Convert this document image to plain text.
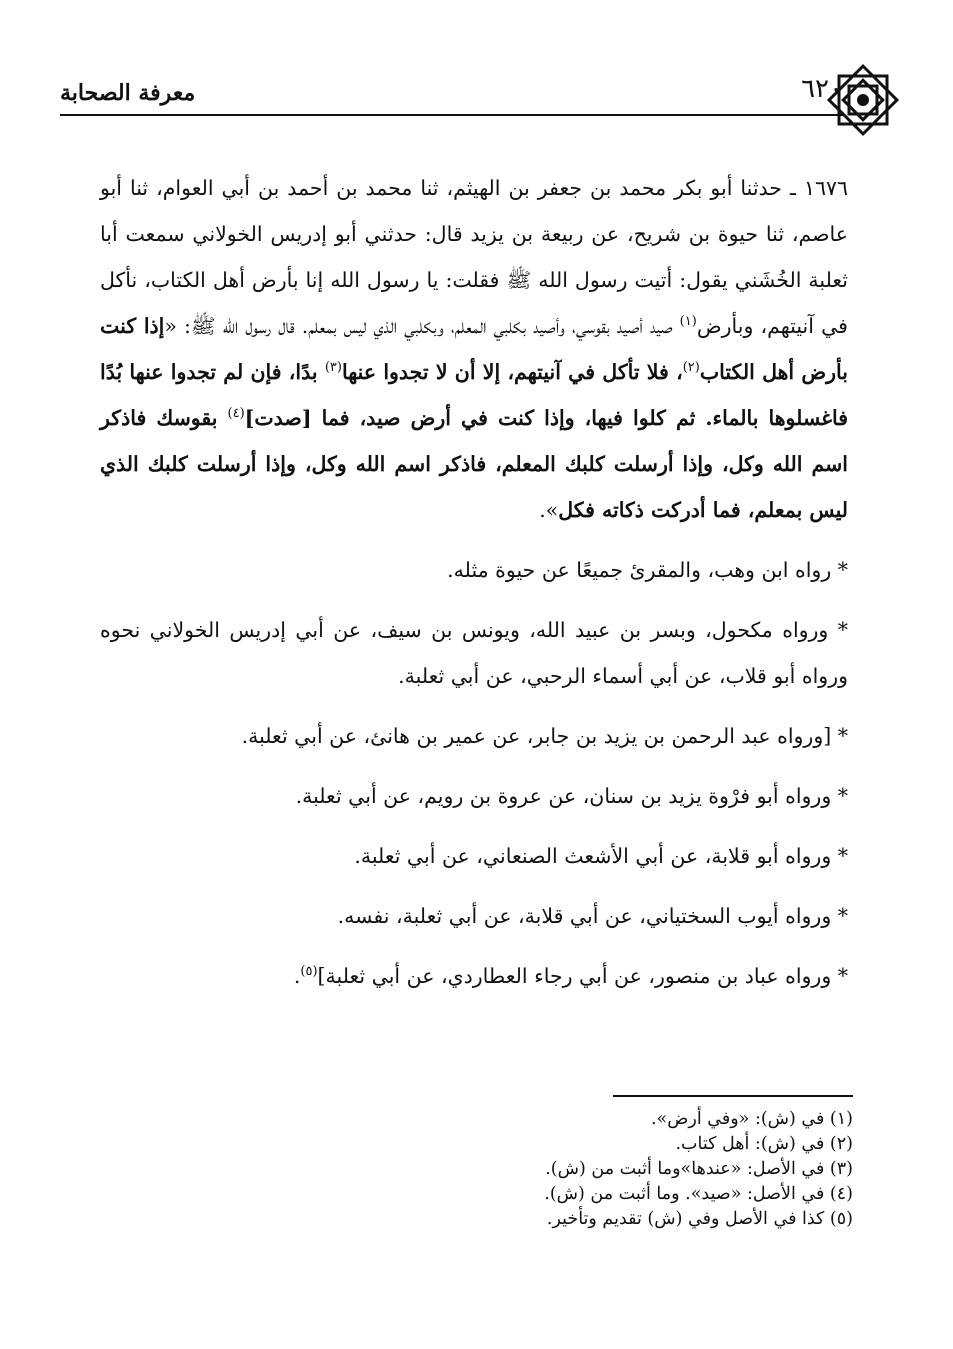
معرفة الصحابة	٦٢٠

١٦٧٦ ـ حدثنا أبو بكر محمد بن جعفر بن الهيثم، ثنا محمد بن أحمد بن أبي العوام، ثنا أبو عاصم، ثنا حيوة بن شريح، عن ربيعة بن يزيد قال: حدثني أبو إدريس الخولاني سمعت أبا ثعلبة الخُشَني يقول: أتيت رسول الله ﷺ فقلت: يا رسول الله إنا بأرض أهل الكتاب، نأكل في آنيتهم، وبأرض$^{(١)}$ صيد أصيد بقوسي، وأصيد بكلبي المعلم، وبكلبي الذي ليس بمعلم. قال رسول الله ﷺ: «إذا كنت بأرض أهل الكتاب$^{(٢)}$، فلا تأكل في آنيتهم، إلا أن لا تجدوا عنها$^{(٣)}$ بدًا، فإن لم تجدوا عنها بُدًا فاغسلوها بالماء. ثم كلوا فيها، وإذا كنت في أرض صيد، فما [صدت]$^{(٤)}$ بقوسك فاذكر اسم الله وكل، وإذا أرسلت كلبك المعلم، فاذكر اسم الله وكل، وإذا أرسلت كلبك الذي ليس بمعلم، فما أدركت ذكاته فكل».

* رواه ابن وهب، والمقرئ جميعًا عن حيوة مثله.

* ورواه مكحول، وبسر بن عبيد الله، ويونس بن سيف، عن أبي إدريس الخولاني نحوه ورواه أبو قلاب، عن أبي أسماء الرحبي، عن أبي ثعلبة.

* [ورواه عبد الرحمن بن يزيد بن جابر، عن عمير بن هانئ، عن أبي ثعلبة.

* ورواه أبو فرْوة يزيد بن سنان، عن عروة بن رويم، عن أبي ثعلبة.

* ورواه أبو قلابة، عن أبي الأشعث الصنعاني، عن أبي ثعلبة.

* ورواه أيوب السختياني، عن أبي قلابة، عن أبي ثعلبة، نفسه.

* ورواه عباد بن منصور، عن أبي رجاء العطاردي، عن أبي ثعلبة]$^{(٥)}$.

(١) في (ش): «وفي أرض».

(٢) في (ش): أهل كتاب.

(٣) في الأصل: «عندها»وما أثبت من (ش).

(٤) في الأصل: «صيد». وما أثبت من (ش).

(٥) كذا في الأصل وفي (ش) تقديم وتأخير.
